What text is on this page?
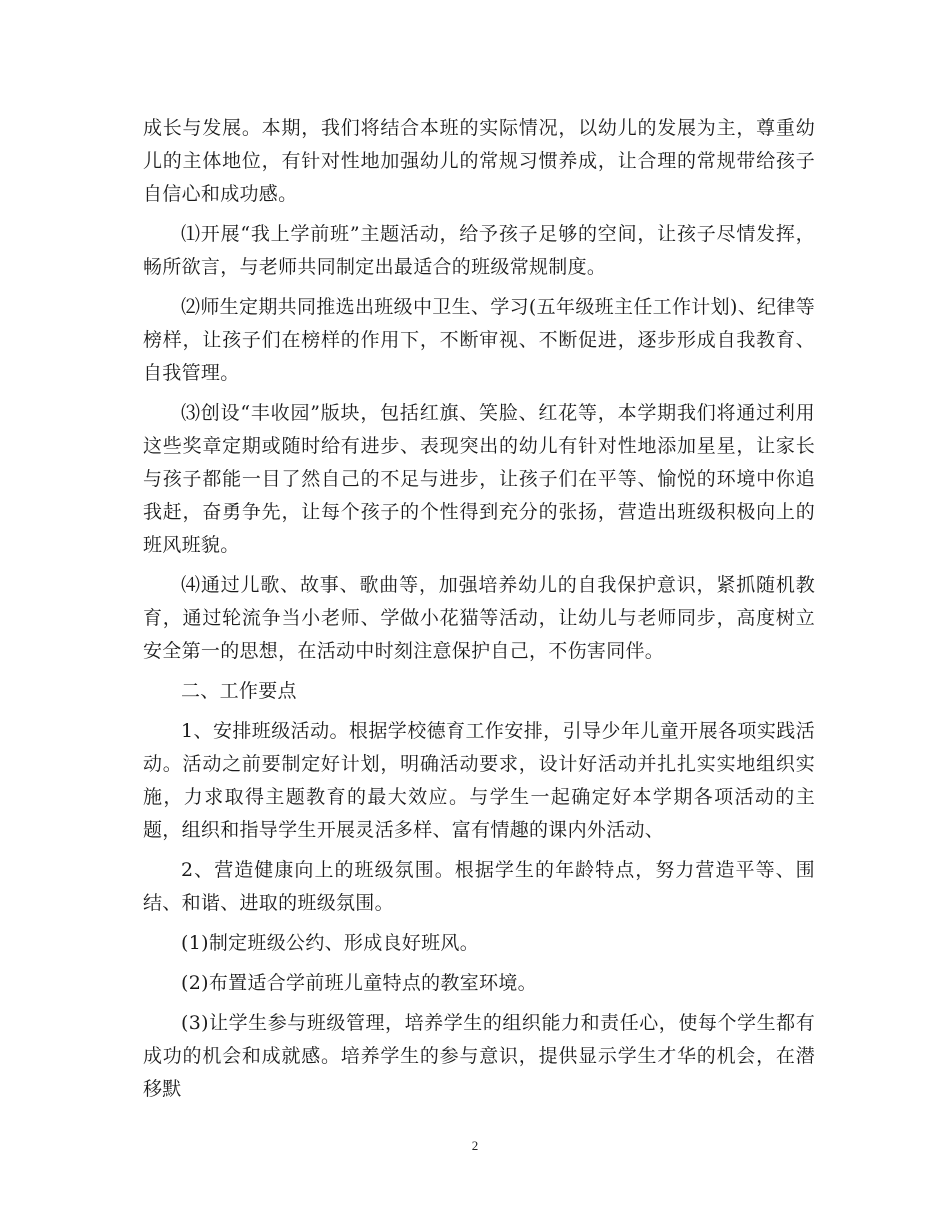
成长与发展。本期，我们将结合本班的实际情况，以幼儿的发展为主，尊重幼儿的主体地位，有针对性地加强幼儿的常规习惯养成，让合理的常规带给孩子自信心和成功感。

⑴开展“我上学前班”主题活动，给予孩子足够的空间，让孩子尽情发挥，畅所欲言，与老师共同制定出最适合的班级常规制度。

⑵师生定期共同推选出班级中卫生、学习(五年级班主任工作计划)、纪律等榜样，让孩子们在榜样的作用下，不断审视、不断促进，逐步形成自我教育、自我管理。

⑶创设“丰收园”版块，包括红旗、笑脸、红花等，本学期我们将通过利用这些奖章定期或随时给有进步、表现突出的幼儿有针对性地添加星星，让家长与孩子都能一目了然自己的不足与进步，让孩子们在平等、愉悦的环境中你追我赶，奋勇争先，让每个孩子的个性得到充分的张扬，营造出班级积极向上的班风班貌。

⑷通过儿歌、故事、歌曲等，加强培养幼儿的自我保护意识，紧抓随机教育，通过轮流争当小老师、学做小花猫等活动，让幼儿与老师同步，高度树立安全第一的思想，在活动中时刻注意保护自己，不伤害同伴。

二、工作要点

1、安排班级活动。根据学校德育工作安排，引导少年儿童开展各项实践活动。活动之前要制定好计划，明确活动要求，设计好活动并扎扎实实地组织实施，力求取得主题教育的最大效应。与学生一起确定好本学期各项活动的主题，组织和指导学生开展灵活多样、富有情趣的课内外活动、

2、营造健康向上的班级氛围。根据学生的年龄特点，努力营造平等、围结、和谐、进取的班级氛围。

(1)制定班级公约、形成良好班风。

(2)布置适合学前班儿童特点的教室环境。

(3)让学生参与班级管理，培养学生的组织能力和责任心，使每个学生都有成功的机会和成就感。培养学生的参与意识，提供显示学生才华的机会，在潜移默

2
